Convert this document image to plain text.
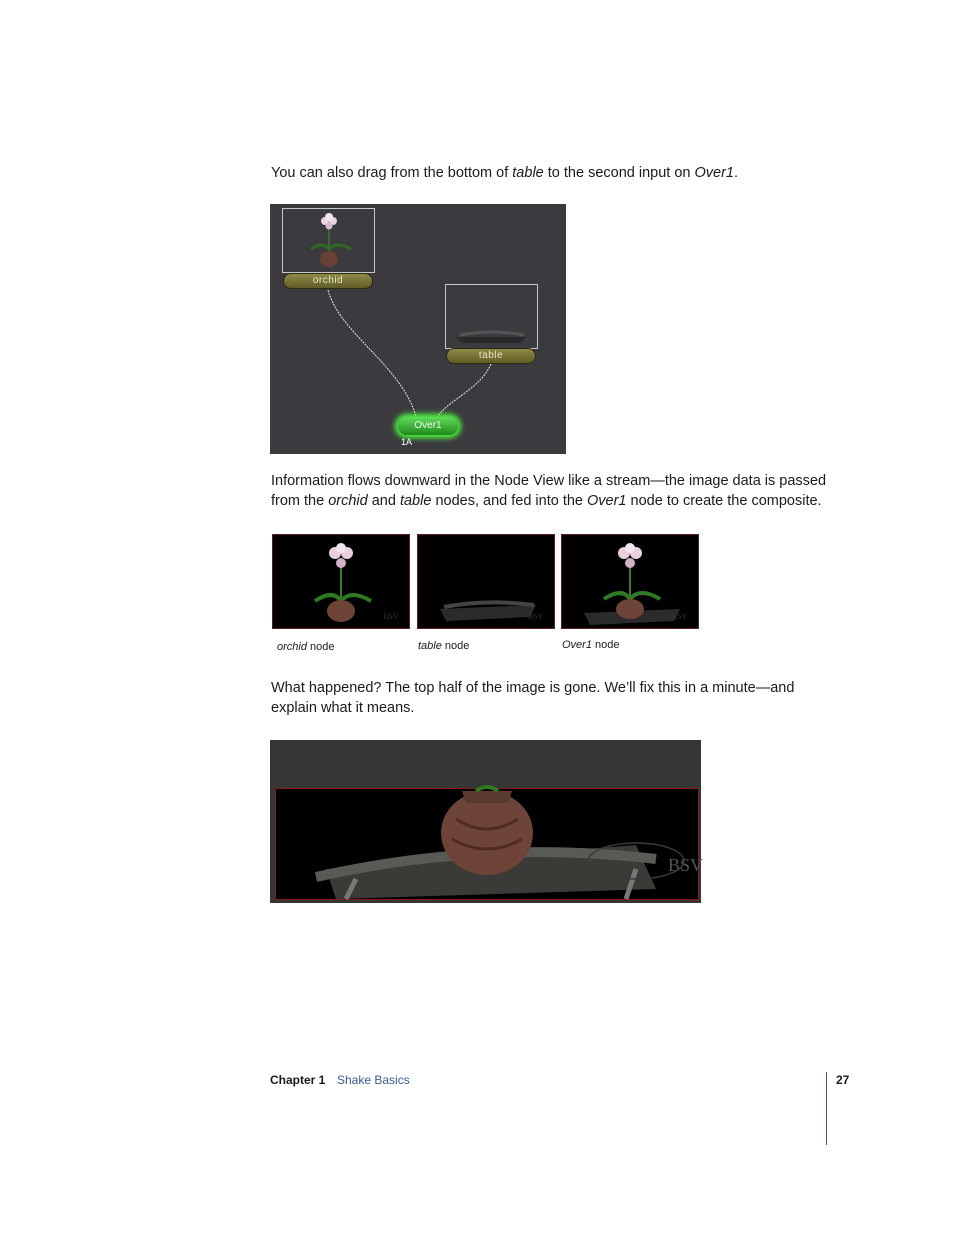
You can also drag from the bottom of table to the second input on Over1.

orchid
table
Over1
1A

Information flows downward in the Node View like a stream—the image data is passed from the orchid and table nodes, and fed into the Over1 node to create the composite.

BSV	BSV	BSV
orchid node	table node	Over1 node

What happened? The top half of the image is gone. We’ll fix this in a minute—and explain what it means.

BSV
Chapter 1 Shake Basics	27
